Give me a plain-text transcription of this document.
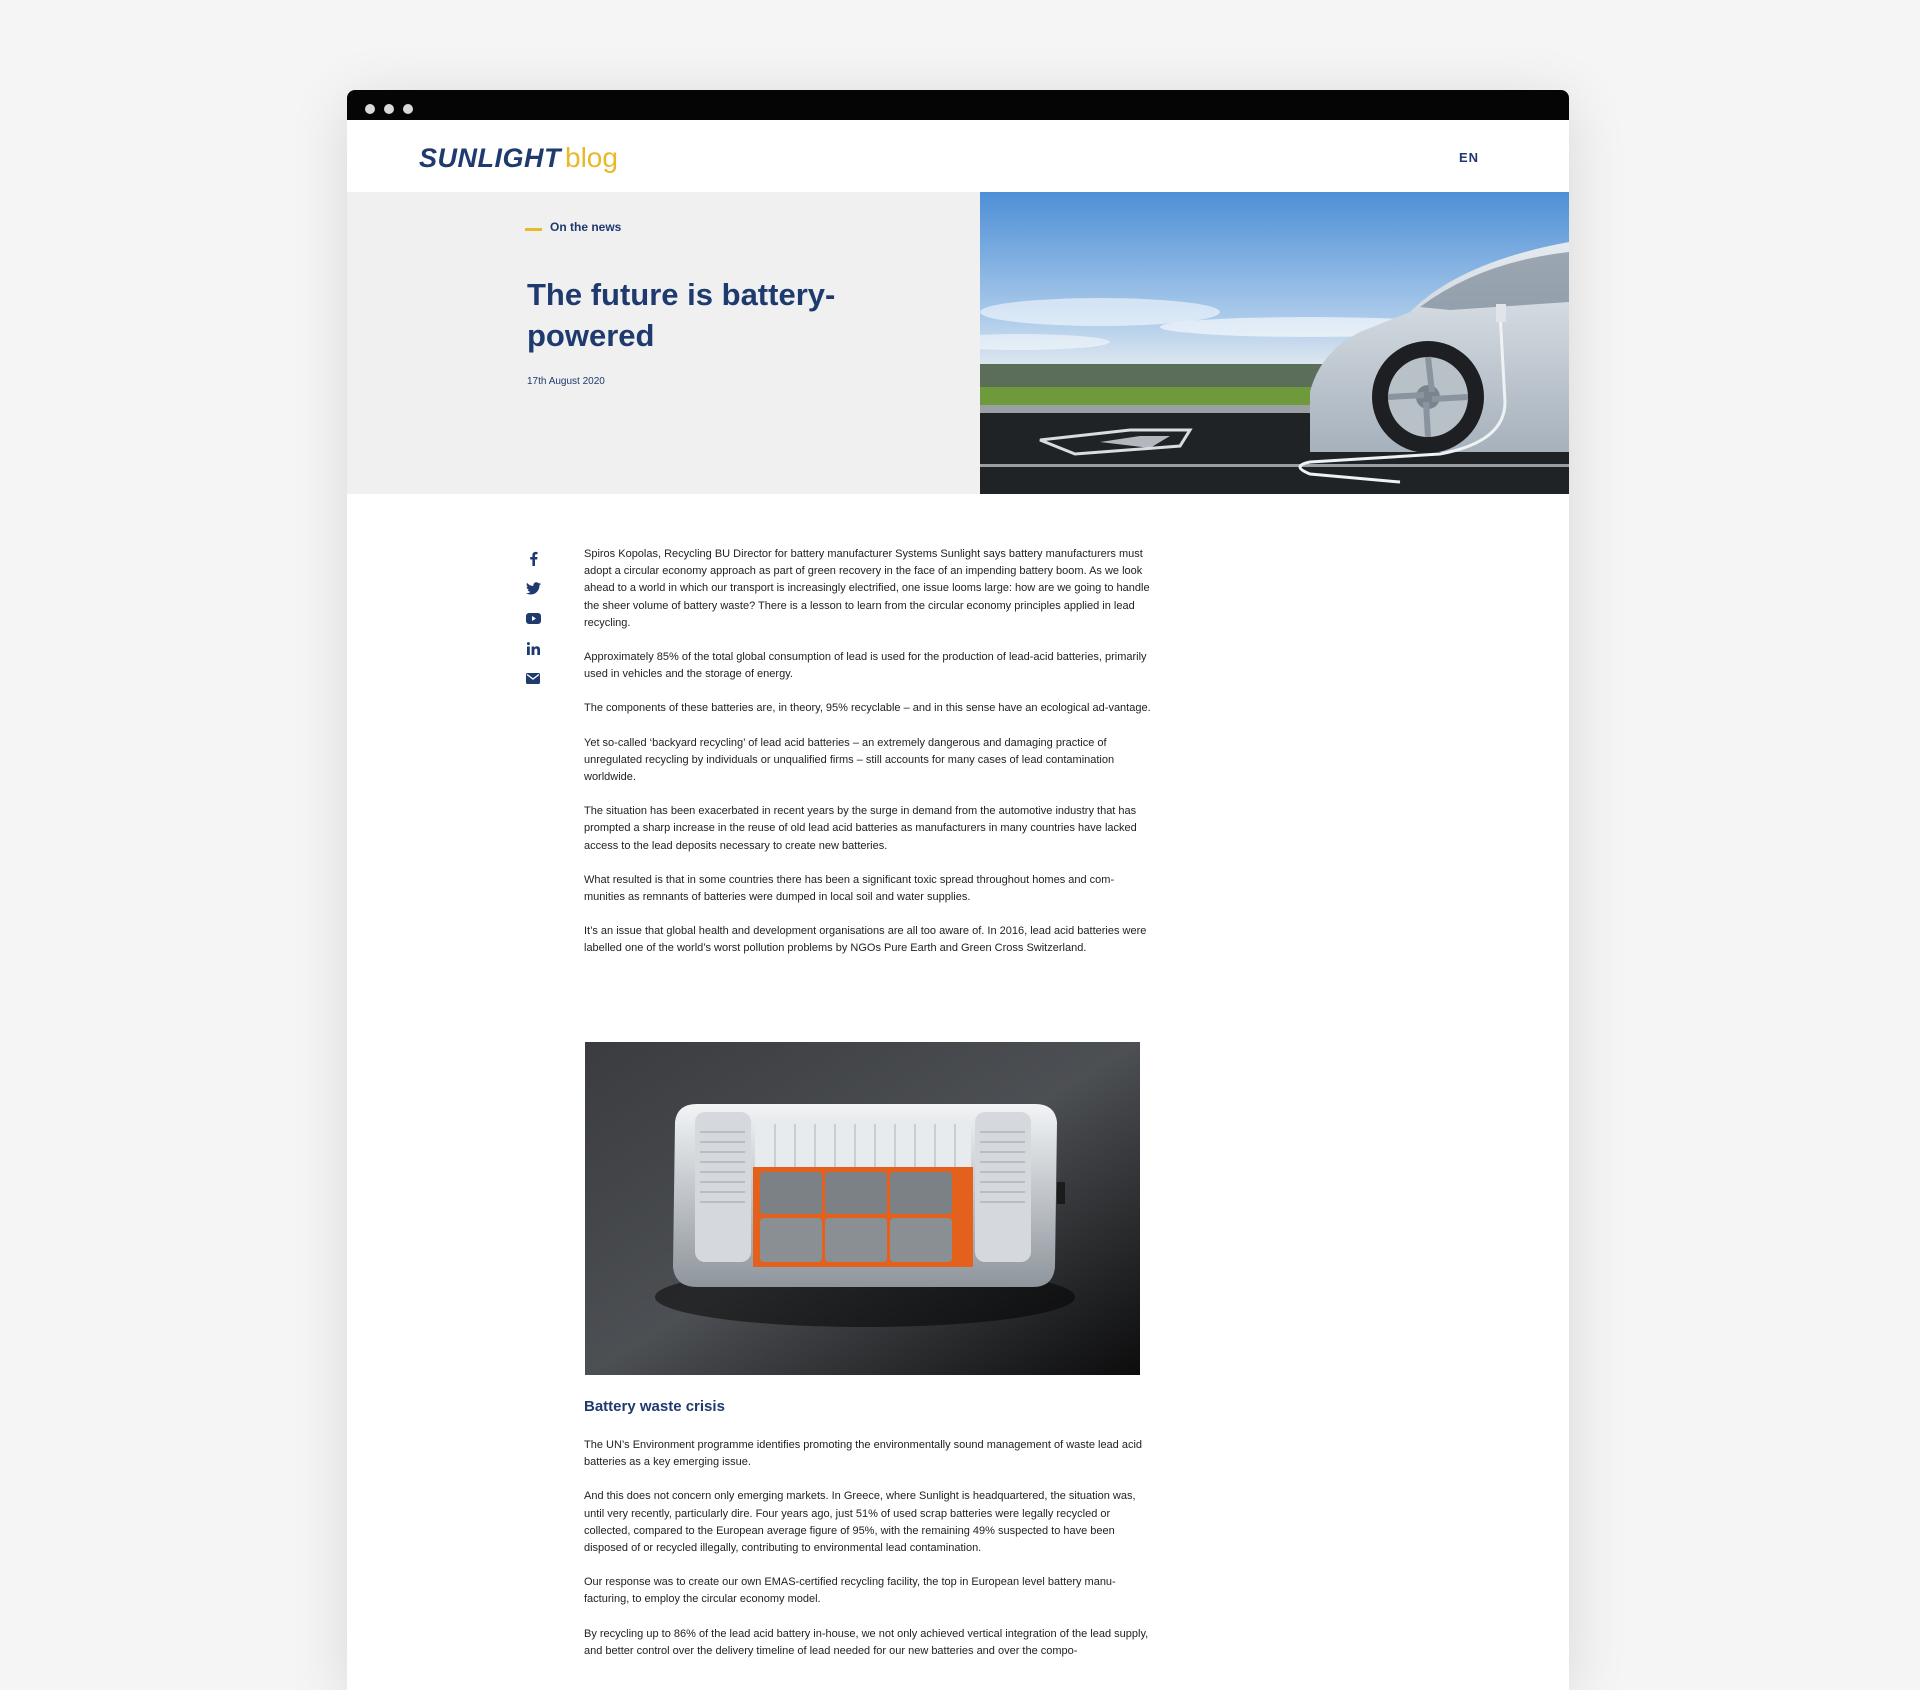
SUNLIGHT blog	EN
On the news
The future is battery-powered
17th August 2020

Spiros Kopolas, Recycling BU Director for battery manufacturer Systems Sunlight says battery manufacturers must adopt a circular economy approach as part of green recovery in the face of an impending battery boom. As we look ahead to a world in which our transport is increasingly electrified, one issue looms large: how are we going to handle the sheer volume of battery waste? There is a lesson to learn from the circular economy principles applied in lead recycling.

Approximately 85% of the total global consumption of lead is used for the production of lead-acid batteries, primarily used in vehicles and the storage of energy.

The components of these batteries are, in theory, 95% recyclable – and in this sense have an ecological ad-vantage.

Yet so-called ‘backyard recycling’ of lead acid batteries – an extremely dangerous and damaging practice of unregulated recycling by individuals or unqualified firms – still accounts for many cases of lead contamination worldwide.

The situation has been exacerbated in recent years by the surge in demand from the automotive industry that has prompted a sharp increase in the reuse of old lead acid batteries as manufacturers in many countries have lacked access to the lead deposits necessary to create new batteries.

What resulted is that in some countries there has been a significant toxic spread throughout homes and com-munities as remnants of batteries were dumped in local soil and water supplies.

It’s an issue that global health and development organisations are all too aware of. In 2016, lead acid batteries were labelled one of the world’s worst pollution problems by NGOs Pure Earth and Green Cross Switzerland.

Battery waste crisis

The UN’s Environment programme identifies promoting the environmentally sound management of waste lead acid batteries as a key emerging issue.

And this does not concern only emerging markets. In Greece, where Sunlight is headquartered, the situation was, until very recently, particularly dire. Four years ago, just 51% of used scrap batteries were legally recycled or collected, compared to the European average figure of 95%, with the remaining 49% suspected to have been disposed of or recycled illegally, contributing to environmental lead contamination.

Our response was to create our own EMAS-certified recycling facility, the top in European level battery manu-facturing, to employ the circular economy model.

By recycling up to 86% of the lead acid battery in-house, we not only achieved vertical integration of the lead supply, and better control over the delivery timeline of lead needed for our new batteries and over the compo-
